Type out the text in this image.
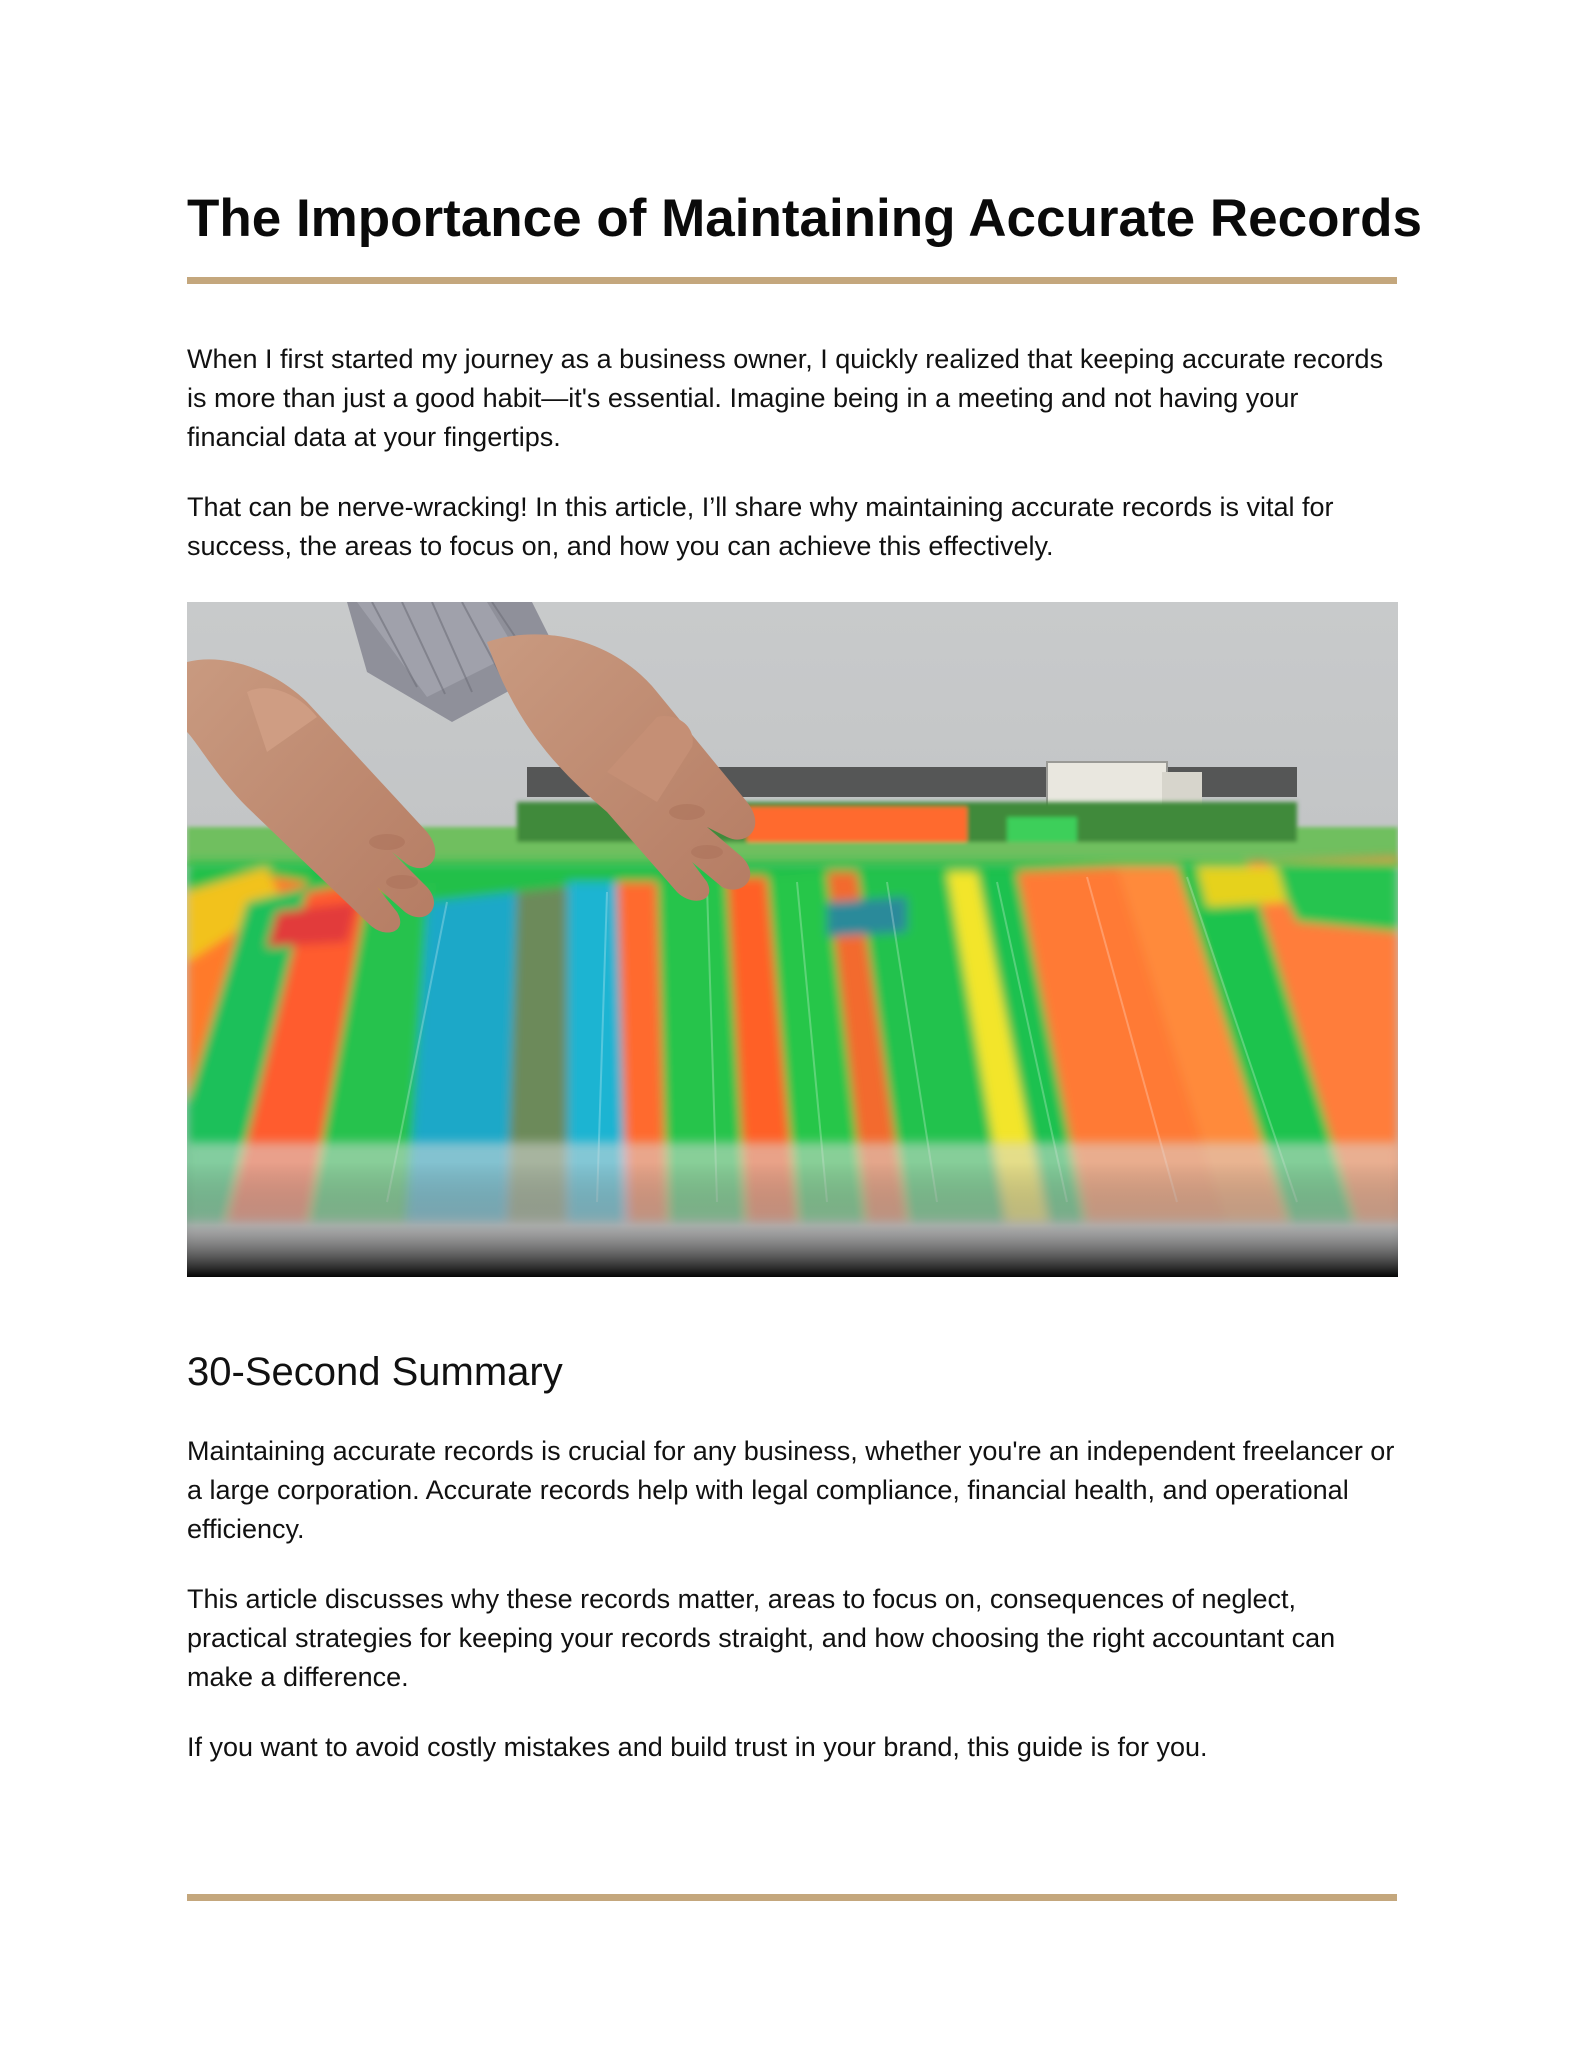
The Importance of Maintaining Accurate Records

When I first started my journey as a business owner, I quickly realized that keeping accurate records is more than just a good habit—it's essential. Imagine being in a meeting and not having your financial data at your fingertips.

That can be nerve-wracking! In this article, I’ll share why maintaining accurate records is vital for success, the areas to focus on, and how you can achieve this effectively.

30-Second Summary

Maintaining accurate records is crucial for any business, whether you're an independent freelancer or a large corporation. Accurate records help with legal compliance, financial health, and operational efficiency.

This article discusses why these records matter, areas to focus on, consequences of neglect, practical strategies for keeping your records straight, and how choosing the right accountant can make a difference.

If you want to avoid costly mistakes and build trust in your brand, this guide is for you.
